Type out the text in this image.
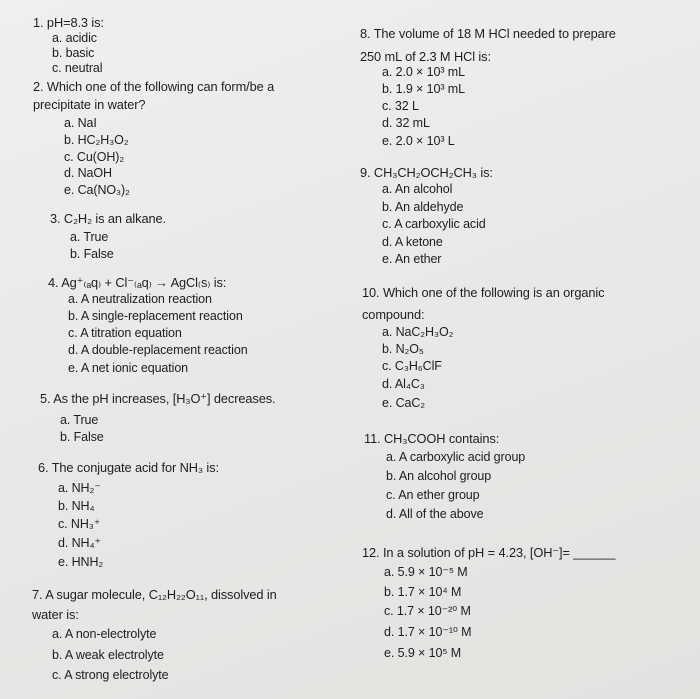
1. pH=8.3 is:
a. acidic
b. basic
c. neutral
2. Which one of the following can form/be a
precipitate in water?
a. NaI
b. HC₂H₃O₂
c. Cu(OH)₂
d. NaOH
e. Ca(NO₃)₂
3. C₂H₂ is an alkane.
a. True
b. False
4. Ag⁺₍ₐq₎ + Cl⁻₍ₐq₎ → AgCl₍s₎ is:
a. A neutralization reaction
b. A single-replacement reaction
c. A titration equation
d. A double-replacement reaction
e. A net ionic equation
5. As the pH increases, [H₃O⁺] decreases.
a. True
b. False
6. The conjugate acid for NH₃ is:
a. NH₂⁻
b. NH₄
c. NH₃⁺
d. NH₄⁺
e. HNH₂
7. A sugar molecule, C₁₂H₂₂O₁₁, dissolved in
water is:
a. A non-electrolyte
b. A weak electrolyte
c. A strong electrolyte
8. The volume of 18 M HCl needed to prepare
250 mL of 2.3 M HCl is:
a. 2.0 × 10³ mL
b. 1.9 × 10³ mL
c. 32 L
d. 32 mL
e. 2.0 × 10³ L
9. CH₃CH₂OCH₂CH₃ is:
a. An alcohol
b. An aldehyde
c. A carboxylic acid
d. A ketone
e. An ether
10. Which one of the following is an organic
compound:
a. NaC₂H₃O₂
b. N₂O₅
c. C₃H₆ClF
d. Al₄C₃
e. CaC₂
11. CH₃COOH contains:
a. A carboxylic acid group
b. An alcohol group
c. An ether group
d. All of the above
12. In a solution of pH = 4.23, [OH⁻]= ______
a. 5.9 × 10⁻⁵ M
b. 1.7 × 10⁴ M
c. 1.7 × 10⁻²⁰ M
d. 1.7 × 10⁻¹⁰ M
e. 5.9 × 10⁵ M
